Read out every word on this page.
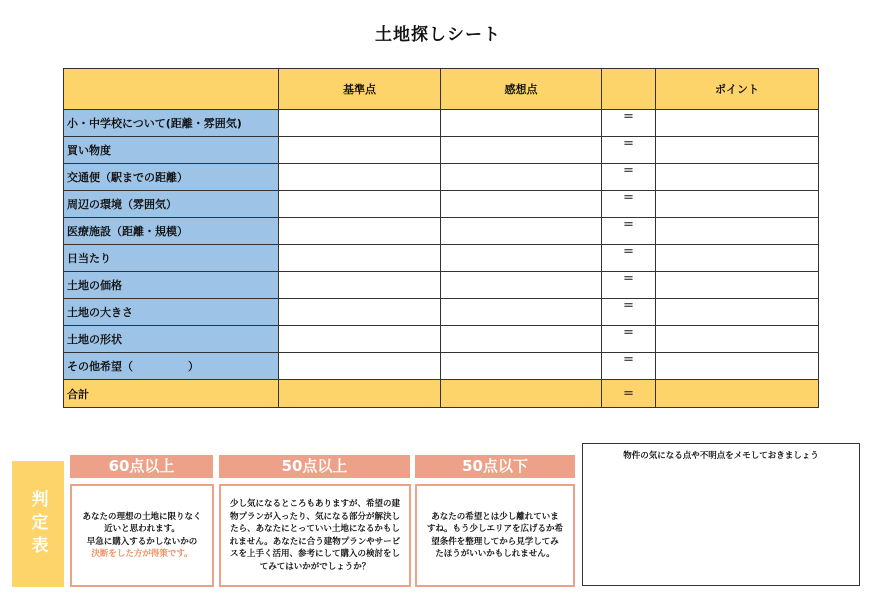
土地探しシート
	基準点	感想点		ポイント
小・中学校について(距離・雰囲気)			＝	
買い物度			＝	
交通便（駅までの距離）			＝	
周辺の環境（雰囲気）			＝	
医療施設（距離・規模）			＝	
日当たり			＝	
土地の価格			＝	
土地の大きさ			＝	
土地の形状			＝	
その他希望（　　　　　）			＝	
合計			＝	
判定表
60点以上
あなたの理想の土地に限りなく
近いと思われます。
早急に購入するかしないかの
決断をした方が得策です。
50点以上
少し気になるところもありますが、希望の建
物プランが入ったり、気になる部分が解決し
たら、あなたにとっていい土地になるかもし
れません。あなたに合う建物プランやサービ
スを上手く活用、参考にして購入の検討をし
てみてはいかがでしょうか？
50点以下
あなたの希望とは少し離れていま
すね。もう少しエリアを広げるか希
望条件を整理してから見学してみ
たほうがいいかもしれません。
物件の気になる点や不明点をメモしておきましょう
